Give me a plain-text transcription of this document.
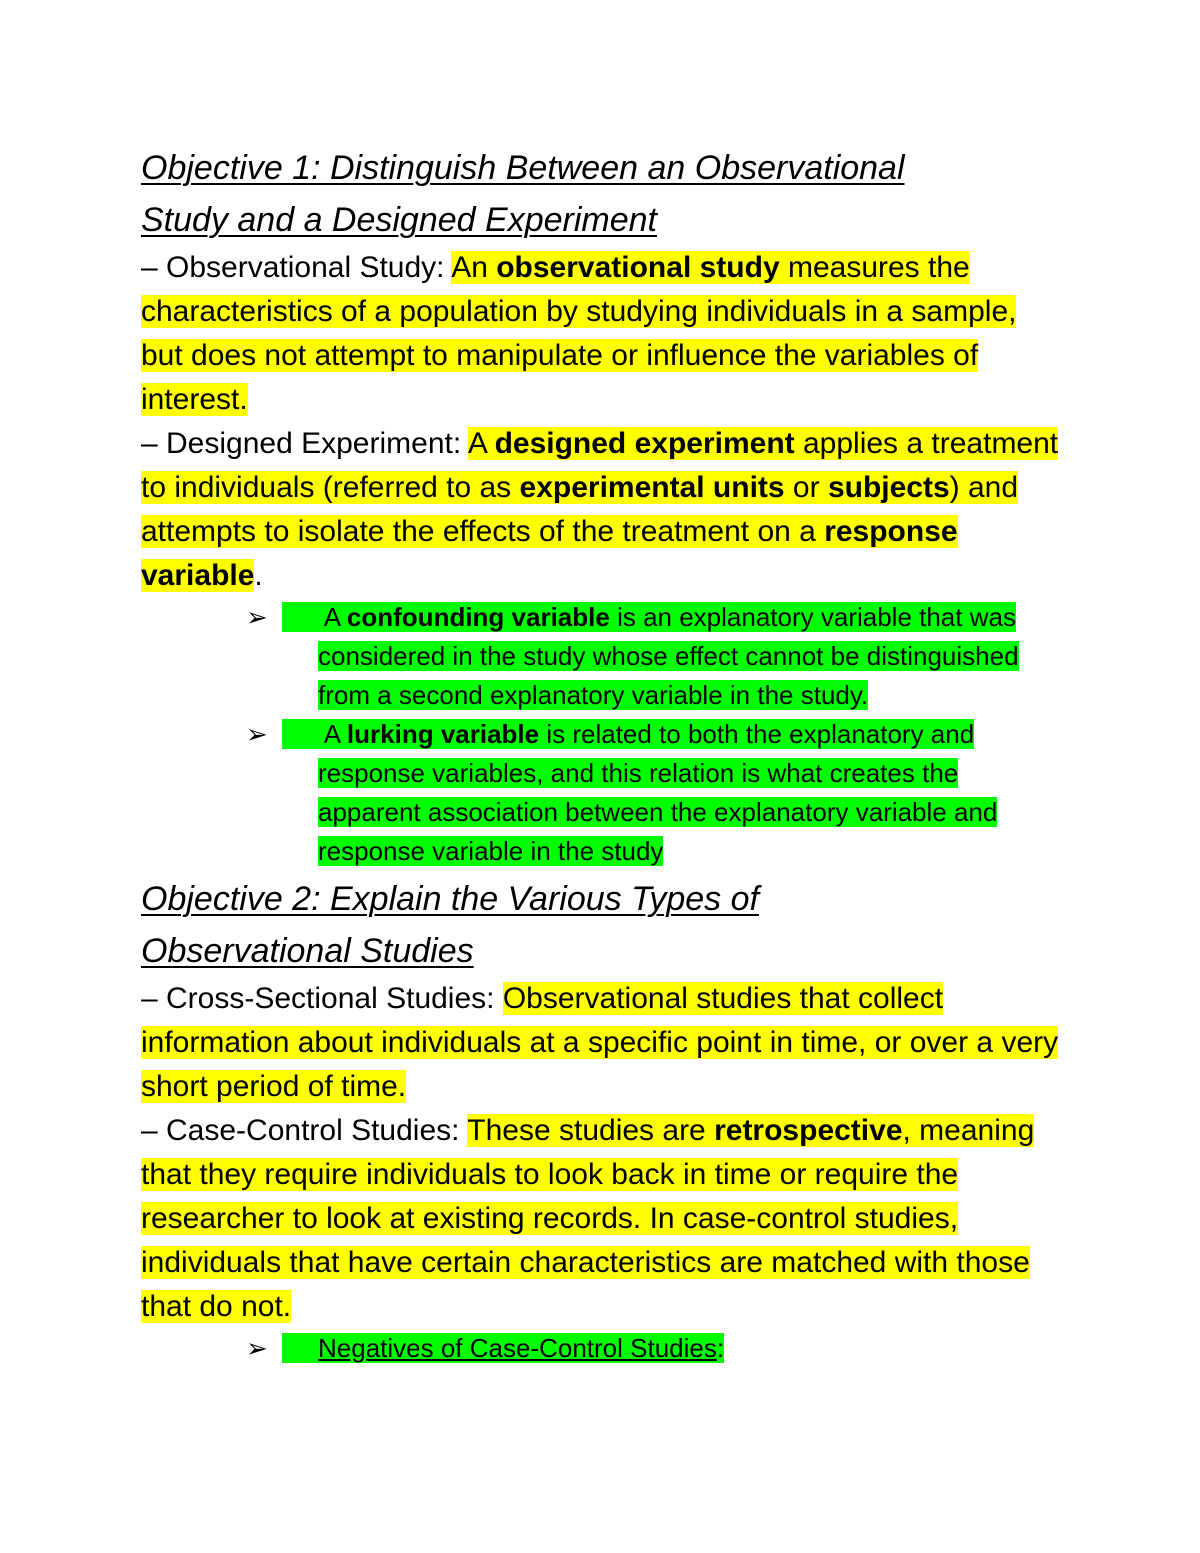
Objective 1: Distinguish Between an Observational
Study and a Designed Experiment

– Observational Study: An observational study measures the characteristics of a population by studying individuals in a sample, but does not attempt to manipulate or influence the variables of interest.

– Designed Experiment: A designed experiment applies a treatment to individuals (referred to as experimental units or subjects) and attempts to isolate the effects of the treatment on a response variable.

➢ A confounding variable is an explanatory variable that was considered in the study whose effect cannot be distinguished from a second explanatory variable in the study.
➢ A lurking variable is related to both the explanatory and response variables, and this relation is what creates the apparent association between the explanatory variable and response variable in the study

Objective 2: Explain the Various Types of
Observational Studies

– Cross-Sectional Studies: Observational studies that collect information about individuals at a specific point in time, or over a very short period of time.

– Case-Control Studies: These studies are retrospective, meaning that they require individuals to look back in time or require the researcher to look at existing records. In case-control studies, individuals that have certain characteristics are matched with those that do not.

➢ Negatives of Case-Control Studies:
